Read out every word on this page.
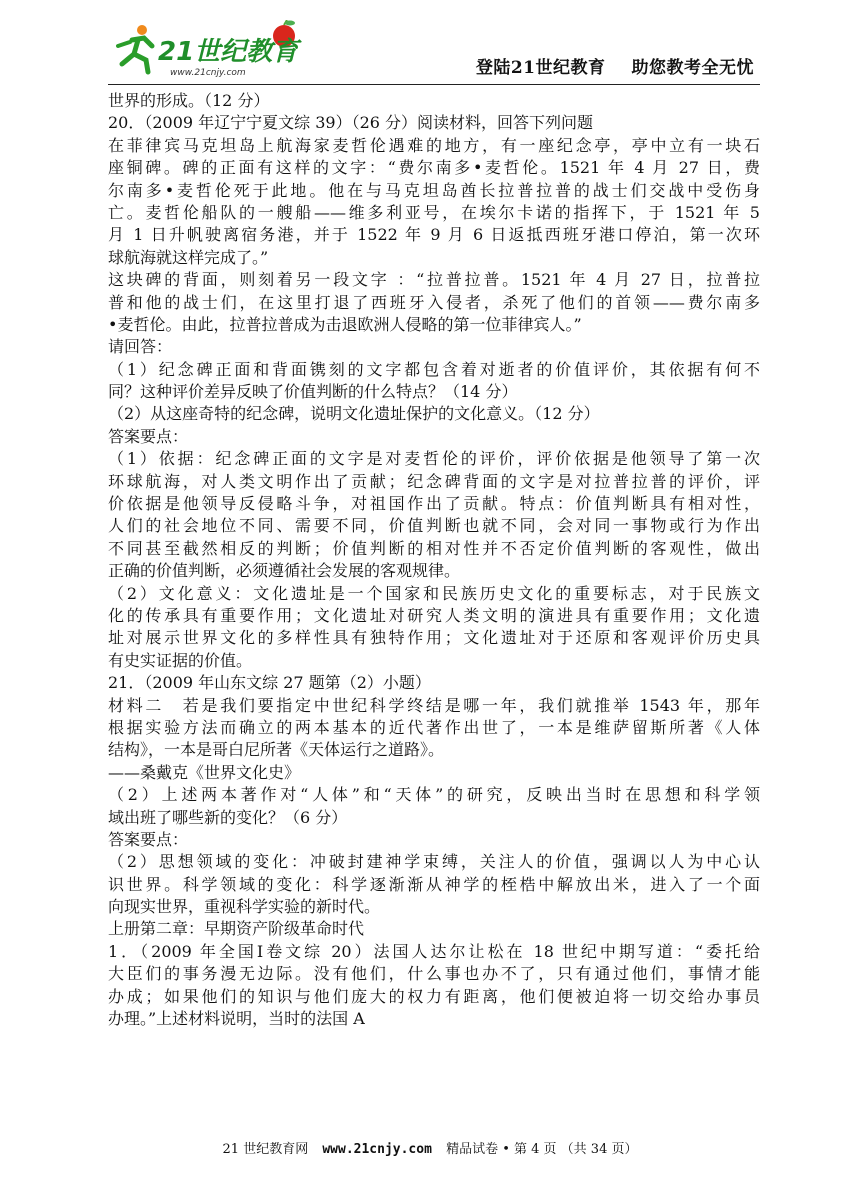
21世纪教育
www.21cnjy.com	登陆21世纪教育 助您教考全无忧
世界的形成。（12 分）
20．（2009 年辽宁宁夏文综 39）（26 分）阅读材料，回答下列问题
在菲律宾马克坦岛上航海家麦哲伦遇难的地方，有一座纪念亭，亭中立有一块石
座铜碑。碑的正面有这样的文字：“费尔南多•麦哲伦。1521 年 4 月 27 日，费
尔南多•麦哲伦死于此地。他在与马克坦岛酋长拉普拉普的战士们交战中受伤身
亡。麦哲伦船队的一艘船——维多利亚号，在埃尔卡诺的指挥下，于 1521 年 5
月 1 日升帆驶离宿务港，并于 1522 年 9 月 6 日返抵西班牙港口停泊，第一次环
球航海就这样完成了。”
这块碑的背面，则刻着另一段文字 ：“拉普拉普。1521 年 4 月 27 日，拉普拉
普和他的战士们，在这里打退了西班牙入侵者，杀死了他们的首领——费尔南多
•麦哲伦。由此，拉普拉普成为击退欧洲人侵略的第一位菲律宾人。”
请回答：
（1）纪念碑正面和背面镌刻的文字都包含着对逝者的价值评价，其依据有何不
同？这种评价差异反映了价值判断的什么特点？（14 分）
（2）从这座奇特的纪念碑，说明文化遗址保护的文化意义。（12 分）
答案要点：
（1）依据：纪念碑正面的文字是对麦哲伦的评价，评价依据是他领导了第一次
环球航海，对人类文明作出了贡献；纪念碑背面的文字是对拉普拉普的评价，评
价依据是他领导反侵略斗争，对祖国作出了贡献。特点：价值判断具有相对性，
人们的社会地位不同、需要不同，价值判断也就不同，会对同一事物或行为作出
不同甚至截然相反的判断；价值判断的相对性并不否定价值判断的客观性，做出
正确的价值判断，必须遵循社会发展的客观规律。
（2）文化意义：文化遗址是一个国家和民族历史文化的重要标志，对于民族文
化的传承具有重要作用；文化遗址对研究人类文明的演进具有重要作用；文化遗
址对展示世界文化的多样性具有独特作用；文化遗址对于还原和客观评价历史具
有史实证据的价值。
21．（2009 年山东文综 27 题第（2）小题）
材料二　若是我们要指定中世纪科学终结是哪一年，我们就推举 1543 年，那年
根据实验方法而确立的两本基本的近代著作出世了，一本是维萨留斯所著《人体
结构》，一本是哥白尼所著《天体运行之道路》。
——桑戴克《世界文化史》
（2）上述两本著作对“人体”和“天体”的研究，反映出当时在思想和科学领
域出班了哪些新的变化？（6 分）
答案要点：
（2）思想领域的变化：冲破封建神学束缚，关注人的价值，强调以人为中心认
识世界。科学领域的变化：科学逐渐渐从神学的桎梏中解放出米，进入了一个面
向现实世界，重视科学实验的新时代。
上册第二章：早期资产阶级革命时代
1．（2009 年全国Ⅰ卷文综 20）法国人达尔让松在 18 世纪中期写道：“委托给
大臣们的事务漫无边际。没有他们，什么事也办不了，只有通过他们，事情才能
办成；如果他们的知识与他们庞大的权力有距离，他们便被迫将一切交给办事员
办理。”上述材料说明，当时的法国 A
21 世纪教育网 www.21cnjy.com 精品试卷 • 第 4 页 （共 34 页）
